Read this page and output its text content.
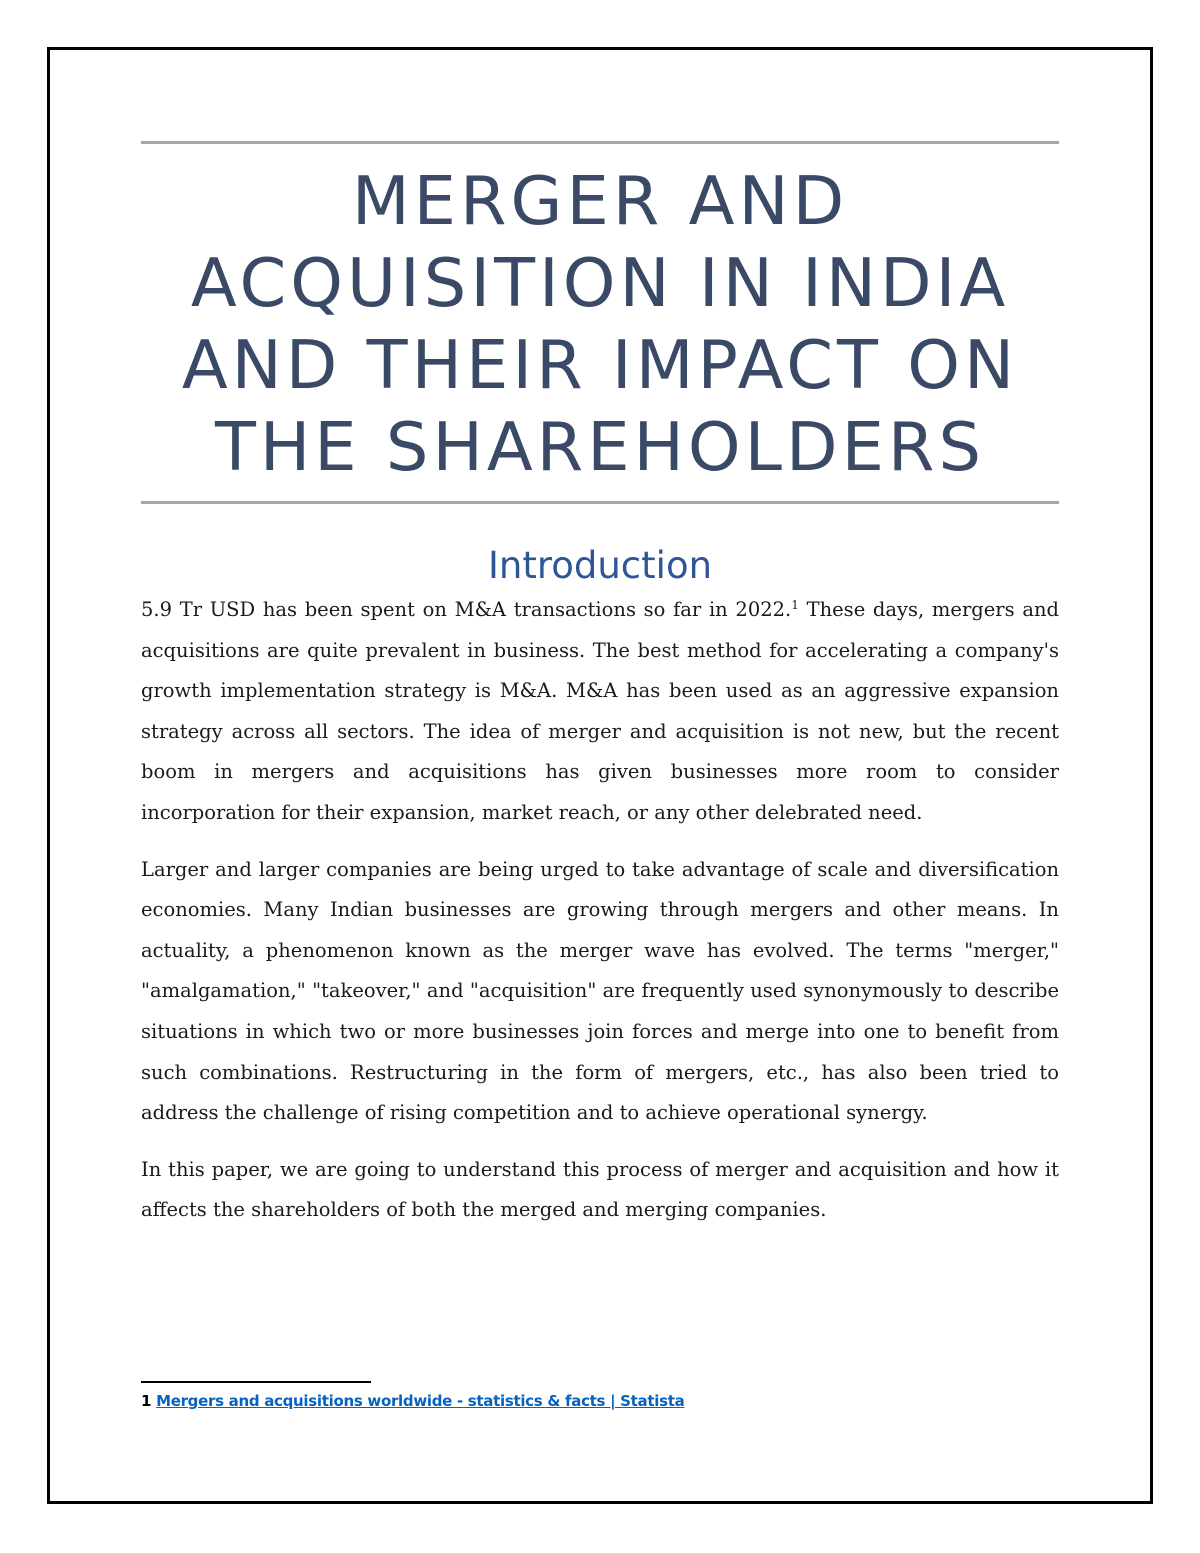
MERGER AND ACQUISITION IN INDIA AND THEIR IMPACT ON THE SHAREHOLDERS
Introduction

5.9 Tr USD has been spent on M&A transactions so far in 2022.$^1$ These days, mergers and acquisitions are quite prevalent in business. The best method for accelerating a company's growth implementation strategy is M&A. M&A has been used as an aggressive expansion strategy across all sectors. The idea of merger and acquisition is not new, but the recent boom in mergers and acquisitions has given businesses more room to consider incorporation for their expansion, market reach, or any other delebrated need.

Larger and larger companies are being urged to take advantage of scale and diversification economies. Many Indian businesses are growing through mergers and other means. In actuality, a phenomenon known as the merger wave has evolved. The terms "merger," "amalgamation," "takeover," and "acquisition" are frequently used synonymously to describe situations in which two or more businesses join forces and merge into one to benefit from such combinations. Restructuring in the form of mergers, etc., has also been tried to address the challenge of rising competition and to achieve operational synergy.

In this paper, we are going to understand this process of merger and acquisition and how it affects the shareholders of both the merged and merging companies.

1 Mergers and acquisitions worldwide - statistics & facts | Statista
